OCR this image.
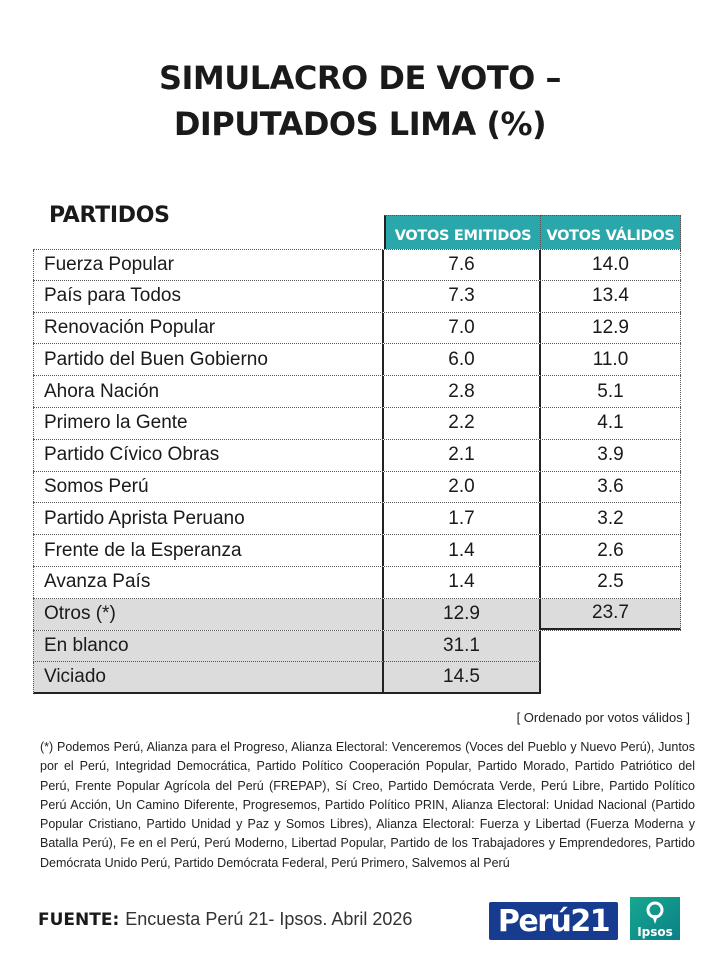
SIMULACRO DE VOTO –
DIPUTADOS LIMA (%)
PARTIDOS
VOTOS EMITIDOS	VOTOS VÁLIDOS
Fuerza Popular	7.6	14.0
País para Todos	7.3	13.4
Renovación Popular	7.0	12.9
Partido del Buen Gobierno	6.0	11.0
Ahora Nación	2.8	5.1
Primero la Gente	2.2	4.1
Partido Cívico Obras	2.1	3.9
Somos Perú	2.0	3.6
Partido Aprista Peruano	1.7	3.2
Frente de la Esperanza	1.4	2.6
Avanza País	1.4	2.5
Otros (*)	12.9	23.7
En blanco	31.1
Viciado	14.5
[ Ordenado por votos válidos ]
(*) Podemos Perú, Alianza para el Progreso, Alianza Electoral: Venceremos (Voces del Pueblo y Nuevo Perú), Juntos por el Perú, Integridad Democrática, Partido Político Cooperación Popular, Partido Morado, Partido Patriótico del Perú, Frente Popular Agrícola del Perú (FREPAP), Sí Creo, Partido Demócrata Verde, Perú Libre, Partido Político Perú Acción, Un Camino Diferente, Progresemos, Partido Político PRIN, Alianza Electoral: Unidad Nacional (Partido Popular Cristiano, Partido Unidad y Paz y Somos Libres), Alianza Electoral: Fuerza y Libertad (Fuerza Moderna y Batalla Perú), Fe en el Perú, Perú Moderno, Libertad Popular, Partido de los Trabajadores y Emprendedores, Partido Demócrata Unido Perú, Partido Demócrata Federal, Perú Primero, Salvemos al Perú
FUENTE: Encuesta Perú 21- Ipsos. Abril 2026	Perú21 Ipsos
